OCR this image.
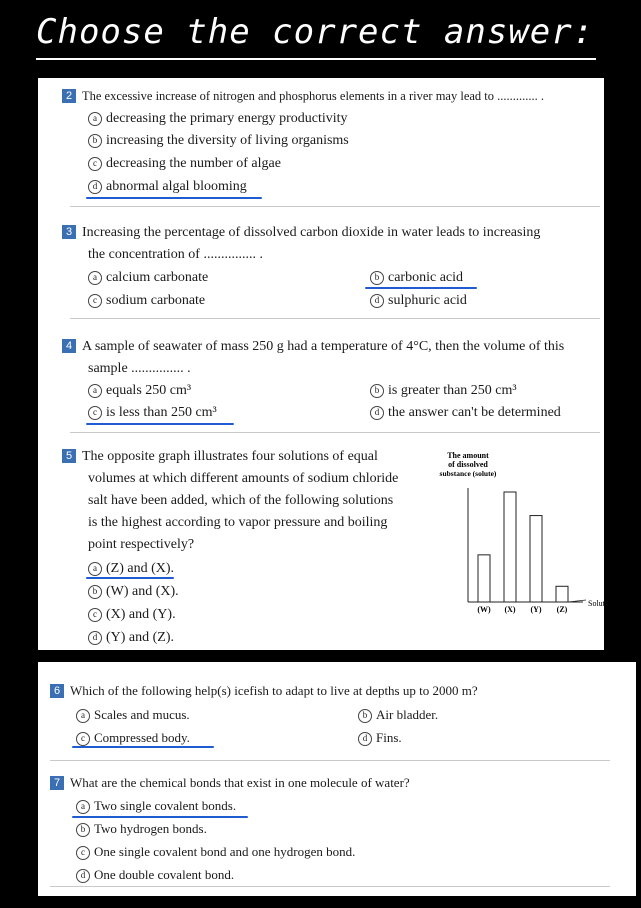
Choose the correct answer:
2 The excessive increase of nitrogen and phosphorus elements in a river may lead to ............. .
a decreasing the primary energy productivity
b increasing the diversity of living organisms
c decreasing the number of algae
d abnormal algal blooming
3 Increasing the percentage of dissolved carbon dioxide in water leads to increasing
the concentration of ............... .
a calcium carbonate	b carbonic acid
c sodium carbonate	d sulphuric acid
4 A sample of seawater of mass 250 g had a temperature of 4°C, then the volume of this
sample ............... .
a equals 250 cm³	b is greater than 250 cm³
c is less than 250 cm³	d the answer can't be determined
5 The opposite graph illustrates four solutions of equal
volumes at which different amounts of sodium chloride
salt have been added, which of the following solutions
is the highest according to vapor pressure and boiling
point respectively?
a (Z) and (X).
b (W) and (X).
c (X) and (Y).
d (Y) and (Z).
The amount
of dissolved
substance (solute)
Solution
(W) (X) (Y) (Z)
6 Which of the following help(s) icefish to adapt to live at depths up to 2000 m?
a Scales and mucus.	b Air bladder.
c Compressed body.	d Fins.
7 What are the chemical bonds that exist in one molecule of water?
a Two single covalent bonds.
b Two hydrogen bonds.
c One single covalent bond and one hydrogen bond.
d One double covalent bond.
